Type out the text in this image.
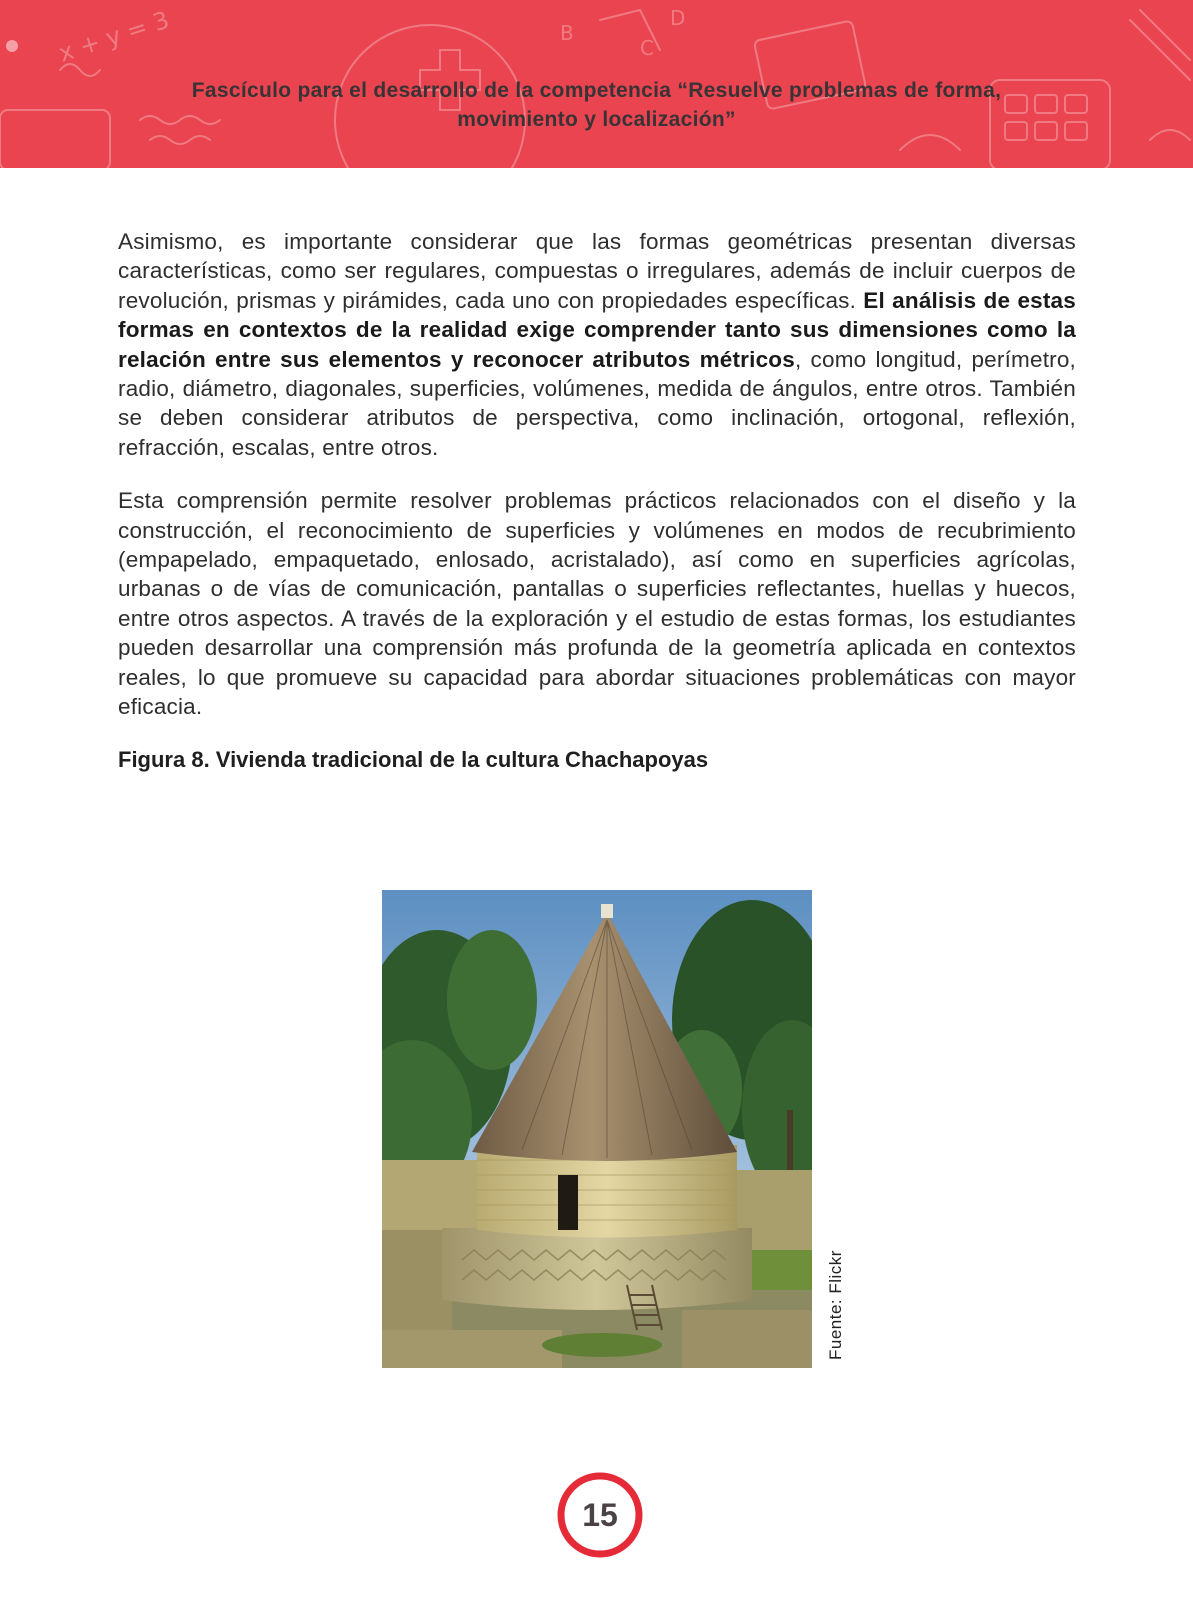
x + y = 3	B
C
D
Fascículo para el desarrollo de la competencia “Resuelve problemas de forma,
movimiento y localización”

Asimismo, es importante considerar que las formas geométricas presentan diversas características, como ser regulares, compuestas o irregulares, además de incluir cuerpos de revolución, prismas y pirámides, cada uno con propiedades específicas. El análisis de estas formas en contextos de la realidad exige comprender tanto sus dimensiones como la relación entre sus elementos y reconocer atributos métricos, como longitud, perímetro, radio, diámetro, diagonales, superficies, volúmenes, medida de ángulos, entre otros. También se deben considerar atributos de perspectiva, como inclinación, ortogonal, reflexión, refracción, escalas, entre otros.

Esta comprensión permite resolver problemas prácticos relacionados con el diseño y la construcción, el reconocimiento de superficies y volúmenes en modos de recubrimiento (empapelado, empaquetado, enlosado, acristalado), así como en superficies agrícolas, urbanas o de vías de comunicación, pantallas o superficies reflectantes, huellas y huecos, entre otros aspectos. A través de la exploración y el estudio de estas formas, los estudiantes pueden desarrollar una comprensión más profunda de la geometría aplicada en contextos reales, lo que promueve su capacidad para abordar situaciones problemáticas con mayor eficacia.

Figura 8. Vivienda tradicional de la cultura Chachapoyas
Fuente: Flickr
15
